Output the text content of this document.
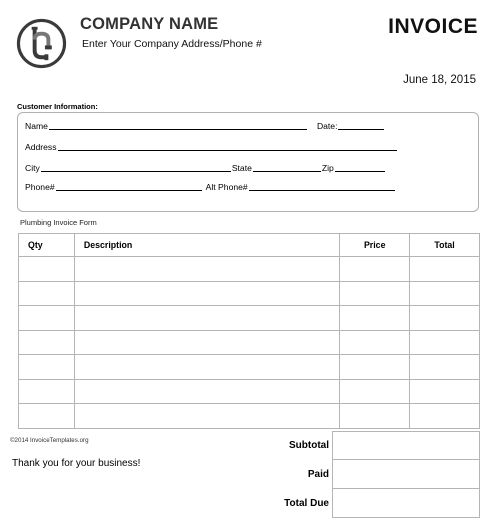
COMPANY NAME
Enter Your Company Address/Phone #
INVOICE
June 18, 2015
Customer Information:
Name	Date:
Address
City	State	Zip
Phone#	Alt Phone#
Plumbing Invoice Form
Qty	Description	Price	Total

©2014 InvoiceTemplates.org
Thank you for your business!
Subtotal
Paid
Total Due
